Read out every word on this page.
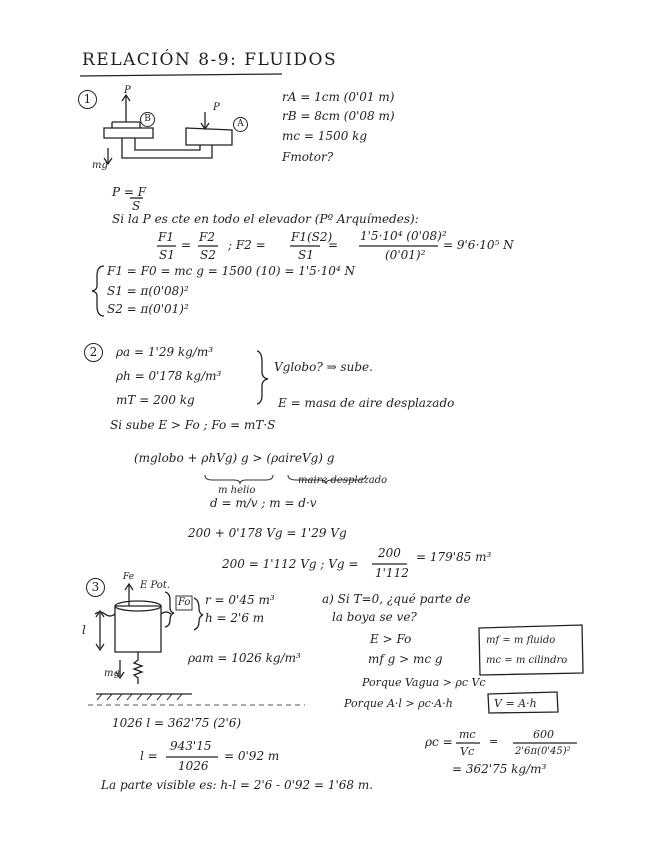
RELACIÓN 8-9: FLUIDOS
1
P
P
B	A
mg
rA = 1cm (0'01 m)
rB = 8cm (0'08 m)
mc = 1500 kg
Fmotor?
P = F
S
Si la P es cte en todo el elevador (Pº Arquímedes):
F1
S1
=
F2
S2
; F2 =
F1(S2)
S1
=
1'5·10⁴ (0'08)²
(0'01)²
= 9'6·10⁵ N
F1 = F0 = mc g = 1500 (10) = 1'5·10⁴ N
S1 = π(0'08)²
S2 = π(0'01)²
2	ρa = 1'29 kg/m³
ρh = 0'178 kg/m³
mT = 200 kg
Vglobo? ⇒ sube.
E = masa de aire desplazado
Si sube E > Fo ; Fo = mT·S
(mglobo + ρhVg) g > (ρaireVg) g
m helio
maire desplazado
d = m/v ; m = d·v
200 + 0'178 Vg = 1'29 Vg
200 = 1'112 Vg ; Vg =
200
1'112
= 179'85 m³
3	E Pot.
Fe
Fo r = 0'45 m³
h = 2'6 m
l
mg
ρam = 1026 kg/m³
a) Si T=0, ¿qué parte de
la boya se ve?
E > Fo
mf g > mc g
mf = m fluido
mc = m cilindro
Porque Vagua > ρc Vc
Porque A·l > ρc·A·h	V = A·h
1026 l = 362'75 (2'6)
l =
943'15
1026
= 0'92 m
La parte visible es: h-l = 2'6 - 0'92 = 1'68 m.
ρc =
mc
Vc
=
600
2'6π(0'45)²
= 362'75 kg/m³
